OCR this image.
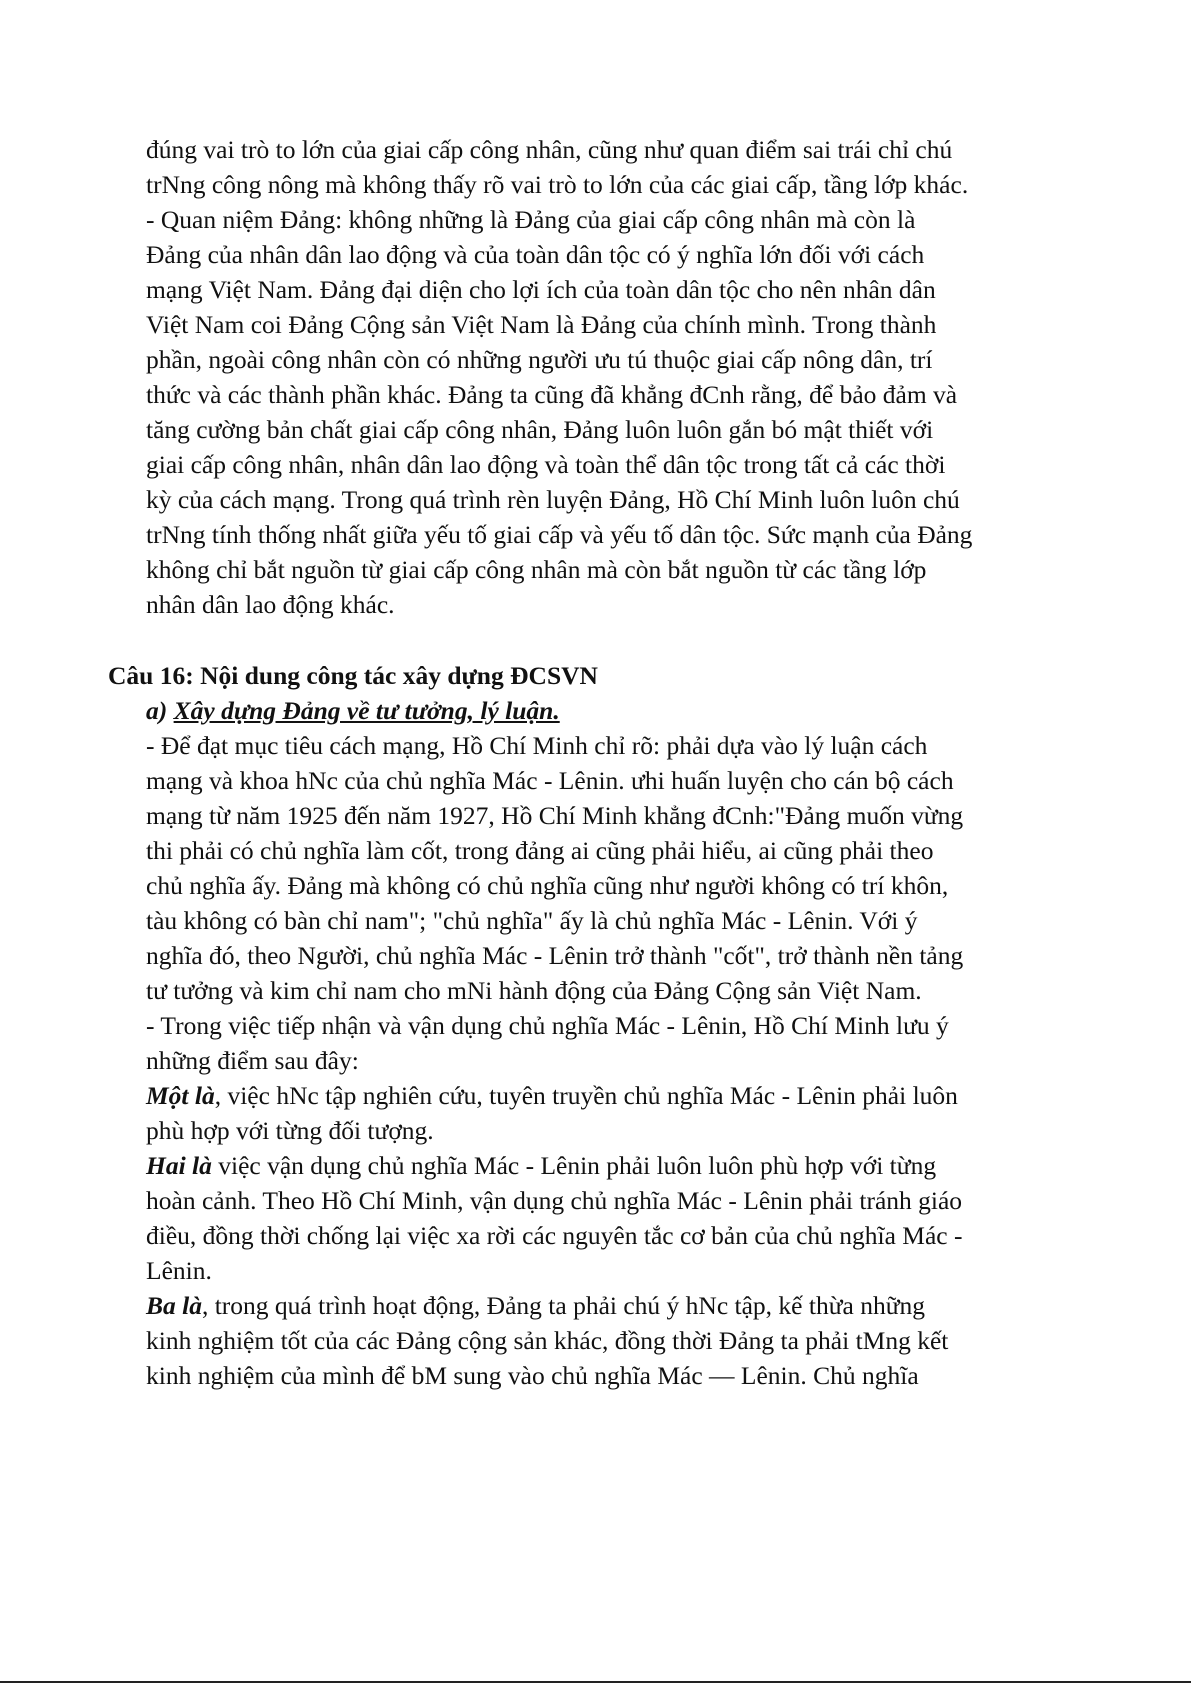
đúng vai trò to lớn của giai cấp công nhân, cũng như quan điểm sai trái chỉ chú
trNng công nông mà không thấy rõ vai trò to lớn của các giai cấp, tầng lớp khác.
- Quan niệm Đảng: không những là Đảng của giai cấp công nhân mà còn là
Đảng của nhân dân lao động và của toàn dân tộc có ý nghĩa lớn đối với cách
mạng Việt Nam. Đảng đại diện cho lợi ích của toàn dân tộc cho nên nhân dân
Việt Nam coi Đảng Cộng sản Việt Nam là Đảng của chính mình. Trong thành
phần, ngoài công nhân còn có những người ưu tú thuộc giai cấp nông dân, trí
thức và các thành phần khác. Đảng ta cũng đã khẳng đCnh rằng, để bảo đảm và
tăng cường bản chất giai cấp công nhân, Đảng luôn luôn gắn bó mật thiết với
giai cấp công nhân, nhân dân lao động và toàn thể dân tộc trong tất cả các thời
kỳ của cách mạng. Trong quá trình rèn luyện Đảng, Hồ Chí Minh luôn luôn chú
trNng tính thống nhất giữa yếu tố giai cấp và yếu tố dân tộc. Sức mạnh của Đảng
không chỉ bắt nguồn từ giai cấp công nhân mà còn bắt nguồn từ các tầng lớp
nhân dân lao động khác.
Câu 16: Nội dung công tác xây dựng ĐCSVN
a) Xây dựng Đảng về tư tưởng, lý luận.
- Để đạt mục tiêu cách mạng, Hồ Chí Minh chỉ rõ: phải dựa vào lý luận cách
mạng và khoa hNc của chủ nghĩa Mác - Lênin. ưhi huấn luyện cho cán bộ cách
mạng từ năm 1925 đến năm 1927, Hồ Chí Minh khẳng đCnh:"Đảng muốn vừng
thi phải có chủ nghĩa làm cốt, trong đảng ai cũng phải hiểu, ai cũng phải theo
chủ nghĩa ấy. Đảng mà không có chủ nghĩa cũng như người không có trí khôn,
tàu không có bàn chỉ nam"; "chủ nghĩa" ấy là chủ nghĩa Mác - Lênin. Với ý
nghĩa đó, theo Người, chủ nghĩa Mác - Lênin trở thành "cốt", trở thành nền tảng
tư tưởng và kim chỉ nam cho mNi hành động của Đảng Cộng sản Việt Nam.
- Trong việc tiếp nhận và vận dụng chủ nghĩa Mác - Lênin, Hồ Chí Minh lưu ý
những điểm sau đây:
Một là, việc hNc tập nghiên cứu, tuyên truyền chủ nghĩa Mác - Lênin phải luôn
phù hợp với từng đối tượng.
Hai là việc vận dụng chủ nghĩa Mác - Lênin phải luôn luôn phù hợp với từng
hoàn cảnh. Theo Hồ Chí Minh, vận dụng chủ nghĩa Mác - Lênin phải tránh giáo
điều, đồng thời chống lại việc xa rời các nguyên tắc cơ bản của chủ nghĩa Mác -
Lênin.
Ba là, trong quá trình hoạt động, Đảng ta phải chú ý hNc tập, kế thừa những
kinh nghiệm tốt của các Đảng cộng sản khác, đồng thời Đảng ta phải tMng kết
kinh nghiệm của mình để bM sung vào chủ nghĩa Mác — Lênin. Chủ nghĩa
